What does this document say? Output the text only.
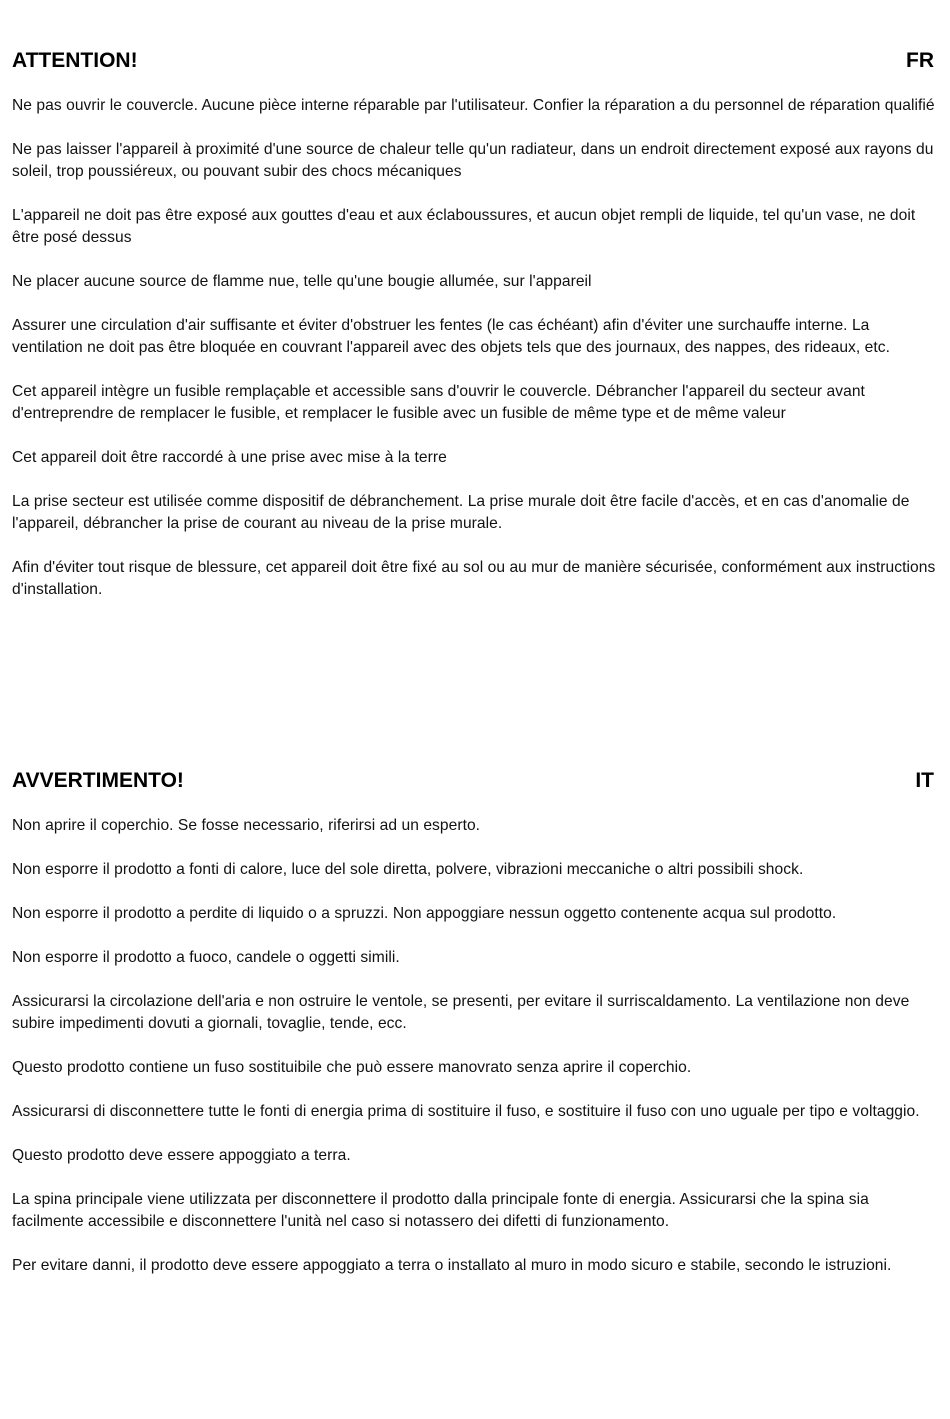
ATTENTION!	FR

Ne pas ouvrir le couvercle. Aucune pièce interne réparable par l'utilisateur. Confier la réparation a du personnel de réparation qualifié

Ne pas laisser l'appareil à proximité d'une source de chaleur telle qu'un radiateur, dans un endroit directement exposé aux rayons du soleil, trop poussiéreux, ou pouvant subir des chocs mécaniques

L'appareil ne doit pas être exposé aux gouttes d'eau et aux éclaboussures, et aucun objet rempli de liquide, tel qu'un vase, ne doit être posé dessus

Ne placer aucune source de flamme nue, telle qu'une bougie allumée, sur l'appareil

Assurer une circulation d'air suffisante et éviter d'obstruer les fentes (le cas échéant) afin d'éviter une surchauffe interne. La ventilation ne doit pas être bloquée en couvrant l'appareil avec des objets tels que des journaux, des nappes, des rideaux, etc.

Cet appareil intègre un fusible remplaçable et accessible sans d'ouvrir le couvercle. Débrancher l'appareil du secteur avant d'entreprendre de remplacer le fusible, et remplacer le fusible avec un fusible de même type et de même valeur

Cet appareil doit être raccordé à une prise avec mise à la terre

La prise secteur est utilisée comme dispositif de débranchement. La prise murale doit être facile d'accès, et en cas d'anomalie de l'appareil, débrancher la prise de courant au niveau de la prise murale.

Afin d'éviter tout risque de blessure, cet appareil doit être fixé au sol ou au mur de manière sécurisée, conformément aux instructions d'installation.

AVVERTIMENTO!	IT

Non aprire il coperchio. Se fosse necessario, riferirsi ad un esperto.

Non esporre il prodotto a fonti di calore, luce del sole diretta, polvere, vibrazioni meccaniche o altri possibili shock.

Non esporre il prodotto a perdite di liquido o a spruzzi. Non appoggiare nessun oggetto contenente acqua sul prodotto.

Non esporre il prodotto a fuoco, candele o oggetti simili.

Assicurarsi la circolazione dell'aria e non ostruire le ventole, se presenti, per evitare il surriscaldamento. La ventilazione non deve subire impedimenti dovuti a giornali, tovaglie, tende, ecc.

Questo prodotto contiene un fuso sostituibile che può essere manovrato senza aprire il coperchio.

Assicurarsi di disconnettere tutte le fonti di energia prima di sostituire il fuso, e sostituire il fuso con uno uguale per tipo e voltaggio.

Questo prodotto deve essere appoggiato a terra.

La spina principale viene utilizzata per disconnettere il prodotto dalla principale fonte di energia. Assicurarsi che la spina sia facilmente accessibile e disconnettere l'unità nel caso si notassero dei difetti di funzionamento.

Per evitare danni, il prodotto deve essere appoggiato a terra o installato al muro in modo sicuro e stabile, secondo le istruzioni.
